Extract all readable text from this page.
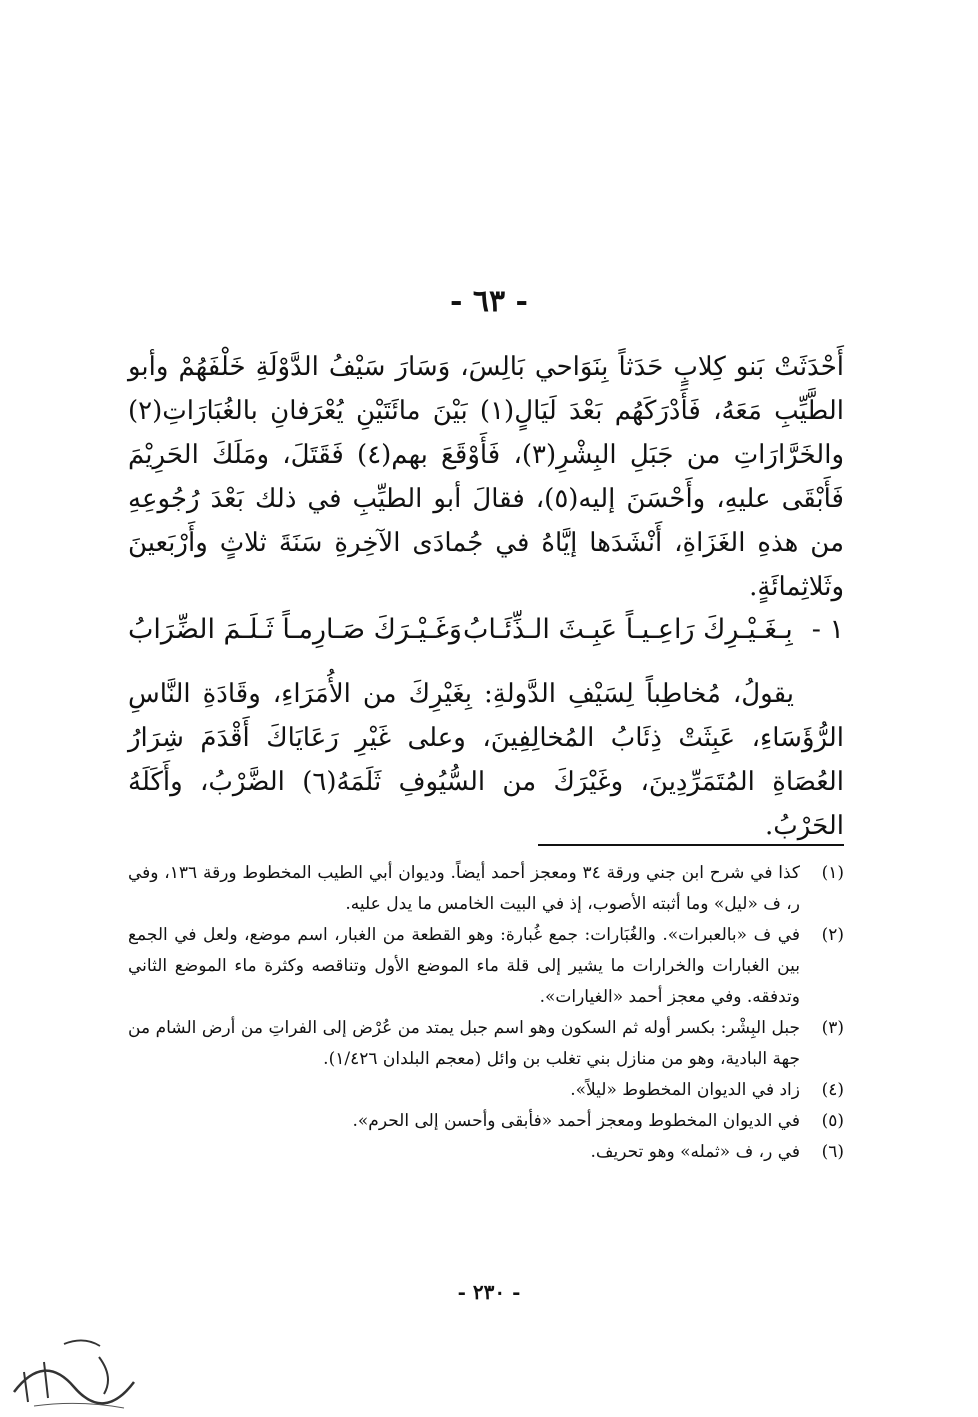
- ٦٣ -

أَحْدَثَتْ بَنو كِلابٍ حَدَثاً بِنَوَاحي بَالِسَ، وَسَارَ سَيْفُ الدَّوْلَةِ خَلْفَهُمْ وأبو الطَّيِّبِ مَعَهُ، فَأَدْرَكَهُم بَعْدَ لَيَالٍ(١) بَيْنَ مائَتَيْنِ يُعْرَفانِ بالغُبَارَاتِ(٢) والخَرَّارَاتِ من جَبَلِ البِشْرِ(٣)، فَأَوْقَعَ بهم(٤) فَقَتَلَ، ومَلَكَ الحَرِيْمَ فَأَبْقَى عليهِ، وأَحْسَنَ إليه(٥)، فقالَ أبو الطيِّبِ في ذلك بَعْدَ رُجُوعِهِ من هذهِ الغَزَاةِ، أَنْشَدَها إيَّاهُ في جُمادَى الآخِرةِ سَنَةَ ثلاثٍ وأَرْبَعينَ وثَلاثِمائَةٍ.

١ -
بِـغَـيْـرِكَ رَاعِـيـاً عَبِـثَ الـذِّئَـابُ
وَغَـيْـرَكَ صَـارِمـاً ثَـلَـمَ الضِّرَابُ

يقولُ، مُخاطِباً لِسَيْفِ الدَّولةِ: بِغَيْرِكَ من الأُمَرَاءِ، وقَادَةِ النَّاسِ الرُّؤَسَاءِ، عَبِثَتْ ذِئَابُ المُخالِفِينَ، وعلى غَيْرِ رَعَايَاكَ أَقْدَمَ شِرَارُ العُصَاةِ المُتَمَرِّدِينَ، وغَيْرَكَ من السُّيُوفِ ثَلَمَهُ(٦) الضَّرْبُ، وأَكَلَهُ الحَرْبُ.

(١)
كذا في شرح ابن جني ورقة ٣٤ ومعجز أحمد أيضاً. وديوان أبي الطيب المخطوط ورقة ١٣٦، وفي ر، ف «ليل» وما أثبته الأصوب، إذ في البيت الخامس ما يدل عليه.
(٢)
في ف «بالعبرات». والغُبَارات: جمع غُبارة: وهو القطعة من الغبار، اسم موضع، ولعل في الجمع بين الغبارات والخرارات ما يشير إلى قلة ماء الموضع الأول وتناقصه وكثرة ماء الموضع الثاني وتدفقه. وفي معجز أحمد «الغيارات».
(٣)
جبل البِشْر: بكسر أوله ثم السكون وهو اسم جبل يمتد من عُرْض إلى الفراتِ من أرض الشام من جهة البادية، وهو من منازل بني تغلب بن وائل (معجم البلدان ١/٤٢٦).
(٤)
زاد في الديوان المخطوط «ليلاً».
(٥)
في الديوان المخطوط ومعجز أحمد «فأبقى وأحسن إلى الحرم».
(٦)
في ر، ف «ثمله» وهو تحريف.
- ٢٣٠ -
